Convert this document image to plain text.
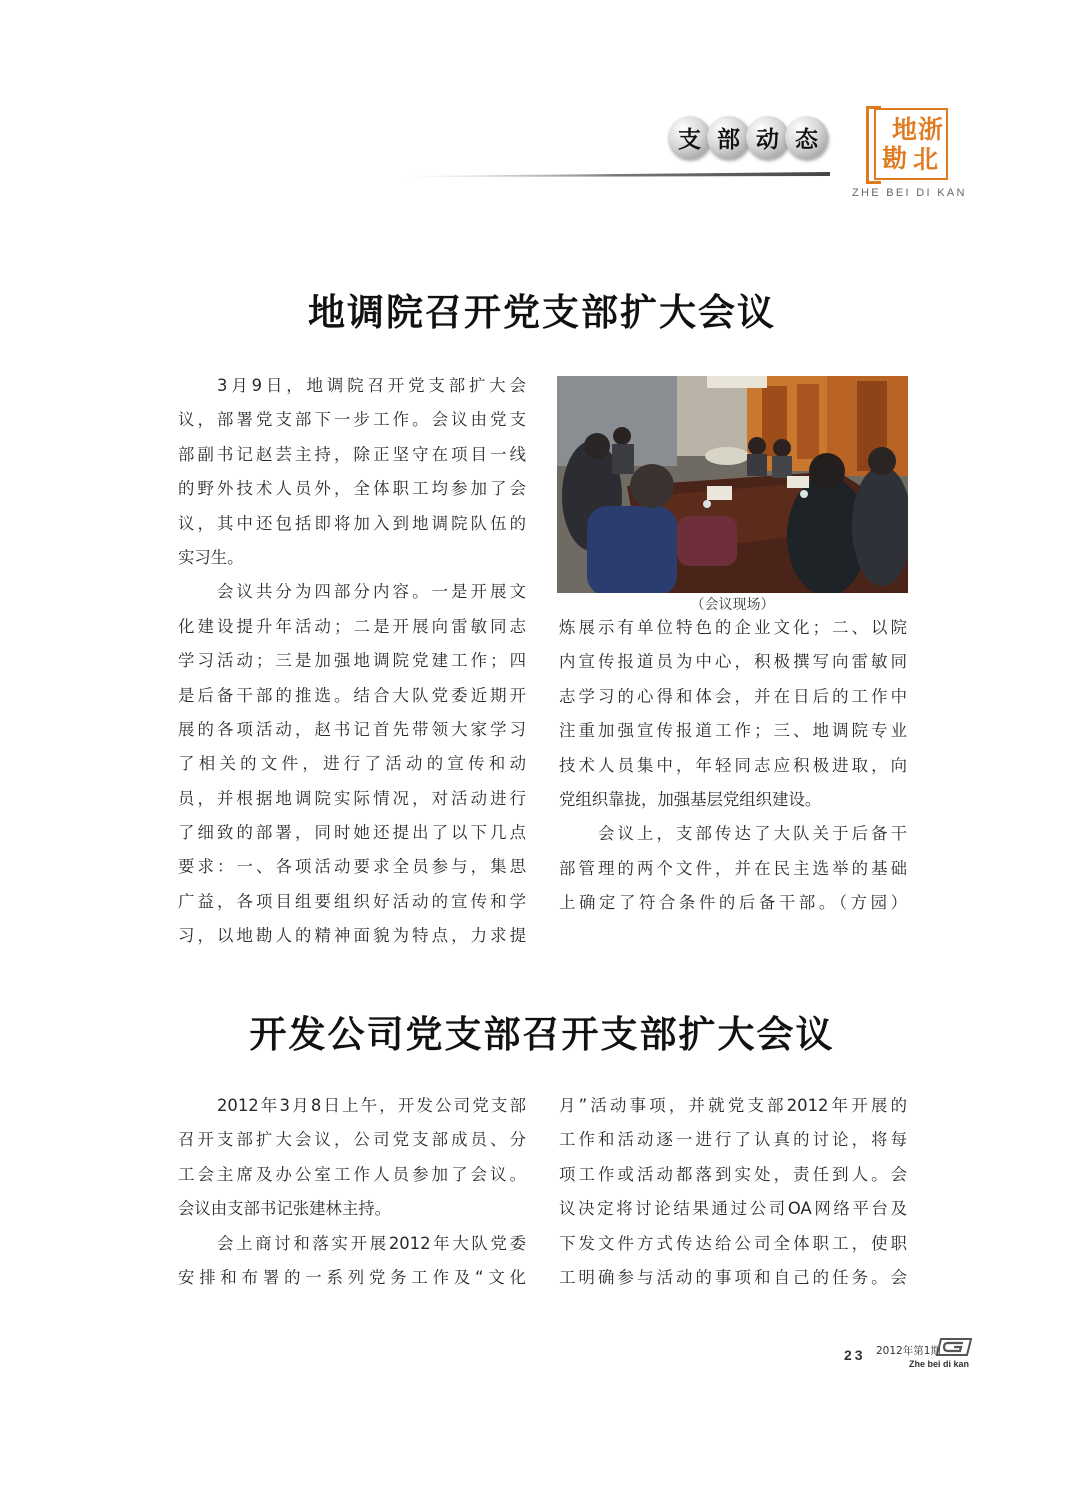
支 部 动 态	地 浙
勘 北
ZHE BEI DI KAN
地调院召开党支部扩大会议
3月9日，地调院召开党支部扩大会
议，部署党支部下一步工作。会议由党支
部副书记赵芸主持，除正坚守在项目一线
的野外技术人员外，全体职工均参加了会
议，其中还包括即将加入到地调院队伍的
实习生。
会议共分为四部分内容。一是开展文
化建设提升年活动；二是开展向雷敏同志
学习活动；三是加强地调院党建工作；四
是后备干部的推选。结合大队党委近期开
展的各项活动，赵书记首先带领大家学习
了相关的文件，进行了活动的宣传和动
员，并根据地调院实际情况，对活动进行
了细致的部署，同时她还提出了以下几点
要求：一、各项活动要求全员参与，集思
广益，各项目组要组织好活动的宣传和学
习，以地勘人的精神面貌为特点，力求提
（会议现场）
炼展示有单位特色的企业文化；二、以院
内宣传报道员为中心，积极撰写向雷敏同
志学习的心得和体会，并在日后的工作中
注重加强宣传报道工作；三、地调院专业
技术人员集中，年轻同志应积极进取，向
党组织靠拢，加强基层党组织建设。
会议上，支部传达了大队关于后备干
部管理的两个文件，并在民主选举的基础
上确定了符合条件的后备干部。（方园）
开发公司党支部召开支部扩大会议
2012年3月8日上午，开发公司党支部
召开支部扩大会议，公司党支部成员、分
工会主席及办公室工作人员参加了会议。
会议由支部书记张建林主持。
会上商讨和落实开展2012年大队党委
安排和布署的一系列党务工作及“文化
月”活动事项，并就党支部2012年开展的
工作和活动逐一进行了认真的讨论，将每
项工作或活动都落到实处，责任到人。会
议决定将讨论结果通过公司OA网络平台及
下发文件方式传达给公司全体职工，使职
工明确参与活动的事项和自己的任务。会
23 2012年第1期
Zhe bei di kan
